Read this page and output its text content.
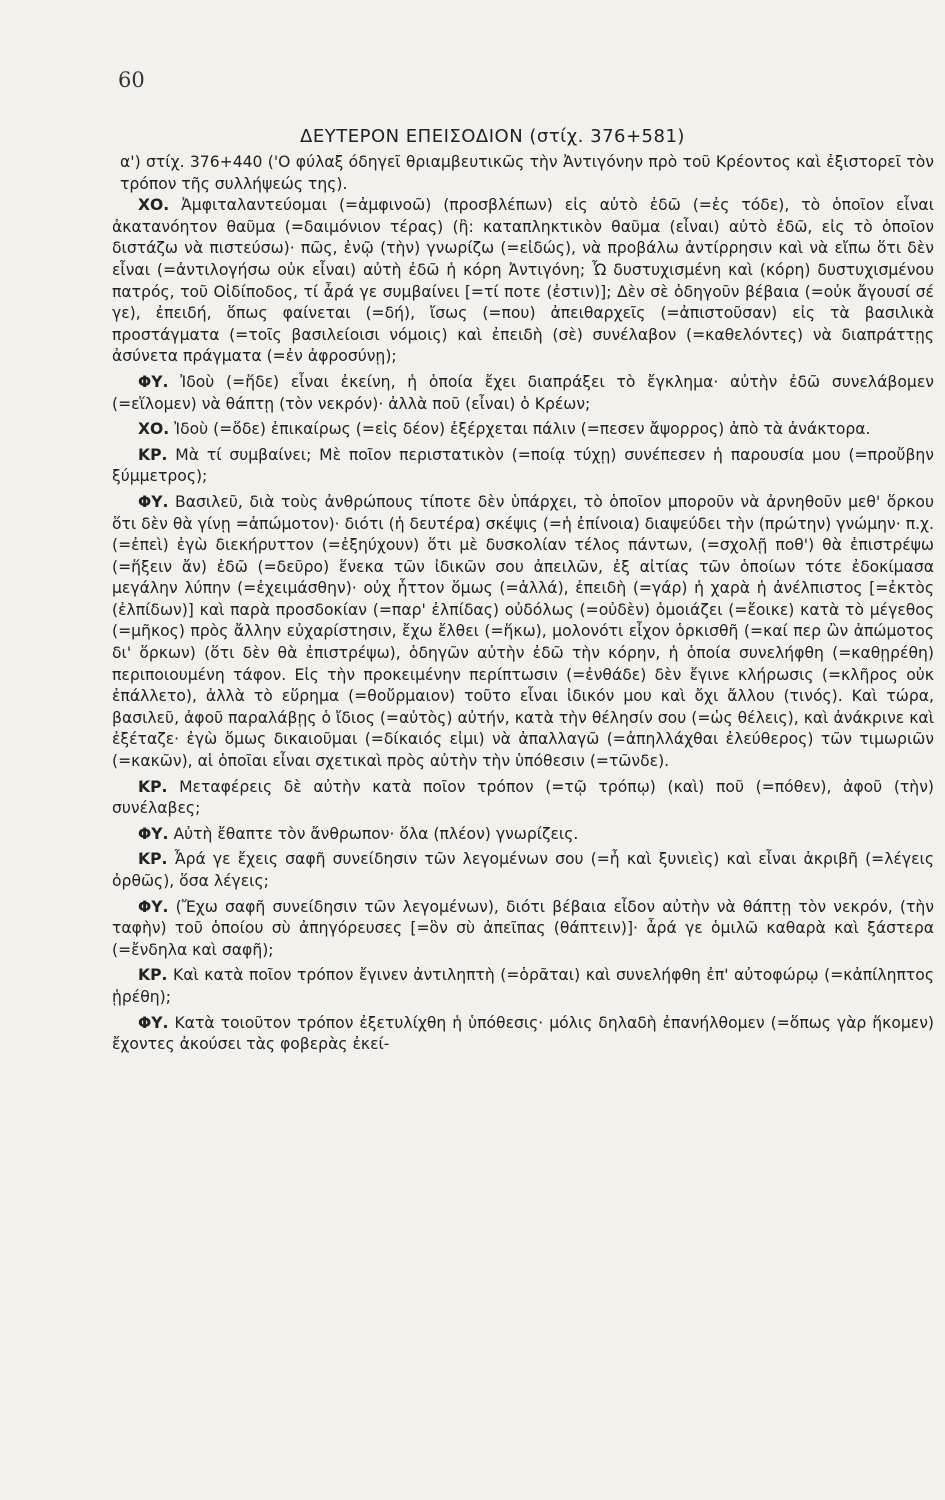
60
ΔΕΥΤΕΡΟΝ ΕΠΕΙΣΟΔΙΟΝ (στίχ. 376+581)

α') στίχ. 376+440 ('Ο φύλαξ όδηγεῖ θριαμβευτικῶς τὴν Ἀντιγόνην πρὸ τοῦ Κρέοντος καὶ ἐξιστορεῖ τὸν τρόπον τῆς συλλήψεώς της).

ΧΟ. Ἀμφιταλαντεύομαι (=ἀμφινοῶ) (προσβλέπων) εἰς αὐτὸ ἐδῶ (=ἐς τόδε), τὸ ὁποῖον εἶναι ἀκατανόητον θαῦμα (=δαιμόνιον τέρας) (ἢ: καταπληκτικὸν θαῦμα (εἶναι) αὐτὸ ἐδῶ, εἰς τὸ ὁποῖον διστάζω νὰ πιστεύσω)· πῶς, ἐνῷ (τὴν) γνωρίζω (=εἰδώς), νὰ προβάλω ἀντίρρησιν καὶ νὰ εἴπω ὅτι δὲν εἶναι (=ἀντιλογήσω οὐκ εἶναι) αὐτὴ ἐδῶ ἡ κόρη Ἀντιγόνη; Ὦ δυστυχισμένη καὶ (κόρη) δυστυχισμένου πατρός, τοῦ Οἰδίποδος, τί ἆρά γε συμβαίνει [=τί ποτε (ἐστιν)]; Δὲν σὲ ὁδηγοῦν βέβαια (=οὐκ ἄγουσί σέ γε), ἐπειδή, ὅπως φαίνεται (=δή), ἴσως (=που) ἀπειθαρχεῖς (=ἀπιστοῦσαν) εἰς τὰ βασιλικὰ προστάγματα (=τοῖς βασιλείοισι νόμοις) καὶ ἐπειδὴ (σὲ) συνέλαβον (=καθελόντες) νὰ διαπράττῃς ἀσύνετα πράγματα (=ἐν ἀφροσύνῃ);

ΦΥ. Ἰδοὺ (=ἥδε) εἶναι ἐκείνη, ἡ ὁποία ἔχει διαπράξει τὸ ἔγκλημα· αὐτὴν ἐδῶ συνελάβομεν (=εἵλομεν) νὰ θάπτῃ (τὸν νεκρόν)· ἀλλὰ ποῦ (εἶναι) ὁ Κρέων;

ΧΟ. Ἰδοὺ (=ὅδε) ἐπικαίρως (=εἰς δέον) ἐξέρχεται πάλιν (=πεσεν ἄψορρος) ἀπὸ τὰ ἀνάκτορα.

ΚΡ. Μὰ τί συμβαίνει; Μὲ ποῖον περιστατικὸν (=ποίᾳ τύχῃ) συνέπεσεν ἡ παρουσία μου (=προὔβην ξύμμετρος);

ΦΥ. Βασιλεῦ, διὰ τοὺς ἀνθρώπους τίποτε δὲν ὑπάρχει, τὸ ὁποῖον μποροῦν νὰ ἀρνηθοῦν μεθ' ὅρκου ὅτι δὲν θὰ γίνῃ =ἀπώμοτον)· διότι (ἡ δευτέρα) σκέψις (=ἡ ἐπίνοια) διαψεύδει τὴν (πρώτην) γνώμην· π.χ. (=ἐπεὶ) ἐγὼ διεκήρυττον (=ἐξηύχουν) ὅτι μὲ δυσκολίαν τέλος πάντων, (=σχολῇ ποθ') θὰ ἐπιστρέψω (=ἥξειν ἄν) ἐδῶ (=δεῦρο) ἕνεκα τῶν ἰδικῶν σου ἀπειλῶν, ἐξ αἰτίας τῶν ὁποίων τότε ἐδοκίμασα μεγάλην λύπην (=ἐχειμάσθην)· οὐχ ἧττον ὅμως (=ἀλλά), ἐπειδὴ (=γάρ) ἡ χαρὰ ἡ ἀνέλπιστος [=ἐκτὸς (ἐλπίδων)] καὶ παρὰ προσδοκίαν (=παρ' ἐλπίδας) οὐδόλως (=οὐδὲν) ὁμοιάζει (=ἔοικε) κατὰ τὸ μέγεθος (=μῆκος) πρὸς ἄλλην εὐχαρίστησιν, ἔχω ἔλθει (=ἥκω), μολονότι εἶχον ὁρκισθῆ (=καί περ ὢν ἀπώμοτος δι' ὅρκων) (ὅτι δὲν θὰ ἐπιστρέψω), ὁδηγῶν αὐτὴν ἐδῶ τὴν κόρην, ἡ ὁποία συνελήφθη (=καθῃρέθη) περιποιουμένη τάφον. Εἰς τὴν προκειμένην περίπτωσιν (=ἐνθάδε) δὲν ἔγινε κλήρωσις (=κλῆρος οὐκ ἐπάλλετο), ἀλλὰ τὸ εὕρημα (=θοὔρμαιον) τοῦτο εἶναι ἰδικόν μου καὶ ὄχι ἄλλου (τινός). Καὶ τώρα, βασιλεῦ, ἀφοῦ παραλάβῃς ὁ ἴδιος (=αὐτὸς) αὐτήν, κατὰ τὴν θέλησίν σου (=ὡς θέλεις), καὶ ἀνάκρινε καὶ ἐξέταζε· ἐγὼ ὅμως δικαιοῦμαι (=δίκαιός εἰμι) νὰ ἀπαλλαγῶ (=ἀπηλλάχθαι ἐλεύθερος) τῶν τιμωριῶν (=κακῶν), αἱ ὁποῖαι εἶναι σχετικαὶ πρὸς αὐτὴν τὴν ὑπόθεσιν (=τῶνδε).

ΚΡ. Μεταφέρεις δὲ αὐτὴν κατὰ ποῖον τρόπον (=τῷ τρόπῳ) (καὶ) ποῦ (=πόθεν), ἀφοῦ (τὴν) συνέλαβες;

ΦΥ. Αὐτὴ ἔθαπτε τὸν ἄνθρωπον· ὅλα (πλέον) γνωρίζεις.

ΚΡ. Ἆρά γε ἔχεις σαφῆ συνείδησιν τῶν λεγομένων σου (=ἦ καὶ ξυνιεὶς) καὶ εἶναι ἀκριβῆ (=λέγεις ὀρθῶς), ὅσα λέγεις;

ΦΥ. (Ἔχω σαφῆ συνείδησιν τῶν λεγομένων), διότι βέβαια εἶδον αὐτὴν νὰ θάπτῃ τὸν νεκρόν, (τὴν ταφὴν) τοῦ ὁποίου σὺ ἀπηγόρευσες [=ὃν σὺ ἀπεῖπας (θάπτειν)]· ἆρά γε ὁμιλῶ καθαρὰ καὶ ξάστερα (=ἔνδηλα καὶ σαφῆ);

ΚΡ. Καὶ κατὰ ποῖον τρόπον ἔγινεν ἀντιληπτὴ (=ὁρᾶται) καὶ συνελήφθη ἐπ' αὐτοφώρῳ (=κἀπίληπτος ᾑρέθη);

ΦΥ. Κατὰ τοιοῦτον τρόπον ἐξετυλίχθη ἡ ὑπόθεσις· μόλις δηλαδὴ ἐπανήλθομεν (=ὅπως γὰρ ἥκομεν) ἔχοντες ἀκούσει τὰς φοβερὰς ἐκεί-
